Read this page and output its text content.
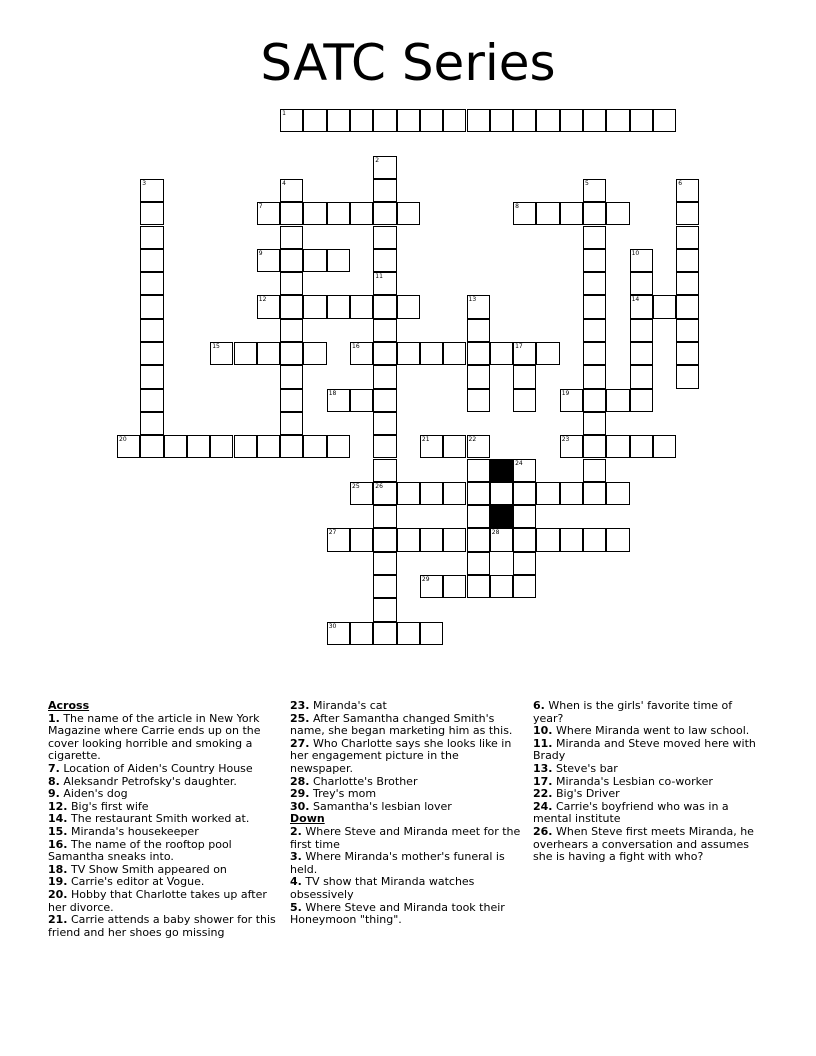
SATC Series
1
2
3	4	5	6
7	8
9	10
11
12	13	14
15	16	17
18	19
20	21	22	23
24
25	26
27	28
29
30

Across

1. The name of the article in New York Magazine where Carrie ends up on the cover looking horrible and smoking a cigarette.

7. Location of Aiden's Country House

8. Aleksandr Petrofsky's daughter.

9. Aiden's dog

12. Big's first wife

14. The restaurant Smith worked at.

15. Miranda's housekeeper

16. The name of the rooftop pool Samantha sneaks into.

18. TV Show Smith appeared on

19. Carrie's editor at Vogue.

20. Hobby that Charlotte takes up after her divorce.

21. Carrie attends a baby shower for this friend and her shoes go missing

23. Miranda's cat

25. After Samantha changed Smith's name, she began marketing him as this.

27. Who Charlotte says she looks like in her engagement picture in the newspaper.

28. Charlotte's Brother

29. Trey's mom

30. Samantha's lesbian lover

Down

2. Where Steve and Miranda meet for the first time

3. Where Miranda's mother's funeral is held.

4. TV show that Miranda watches obsessively

5. Where Steve and Miranda took their Honeymoon "thing".

6. When is the girls' favorite time of year?

10. Where Miranda went to law school.

11. Miranda and Steve moved here with Brady

13. Steve's bar

17. Miranda's Lesbian co-worker

22. Big's Driver

24. Carrie's boyfriend who was in a mental institute

26. When Steve first meets Miranda, he overhears a conversation and assumes she is having a fight with who?
